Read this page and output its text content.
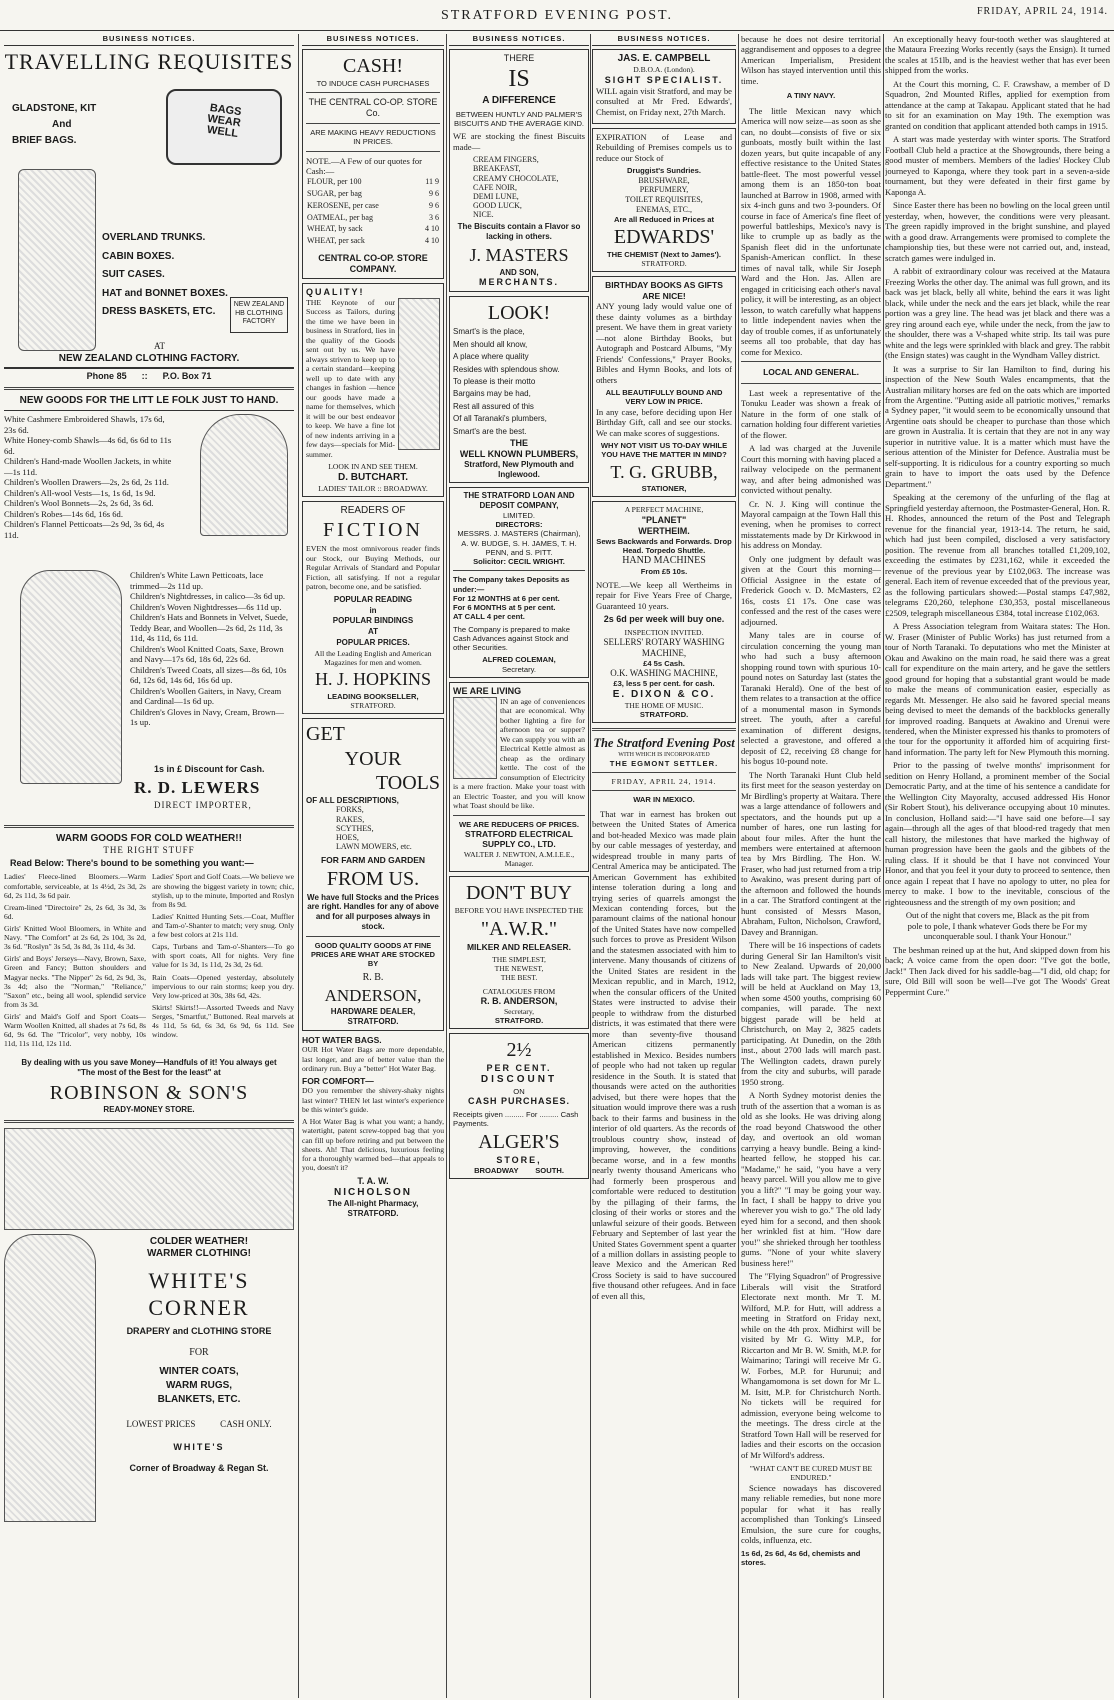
STRATFORD EVENING POST.	FRIDAY, APRIL 24, 1914.
BUSINESS NOTICES.
TRAVELLING REQUISITES
GLADSTONE, KIT
And
BRIEF BAGS.
BAGS WEAR WELL
OVERLAND TRUNKS.
CABIN BOXES.
SUIT CASES.
HAT and BONNET BOXES.
DRESS BASKETS, ETC.
NEW ZEALAND HB CLOTHING FACTORY
AT
NEW ZEALAND CLOTHING FACTORY.
Phone 85      ::      P.O. Box 71
NEW GOODS FOR THE LITT LE FOLK JUST TO HAND.
White Cashmere Embroidered Shawls, 17s 6d, 23s 6d.
White Honey-comb Shawls—4s 6d, 6s 6d to 11s 6d.
Children's Hand-made Woollen Jackets, in white—1s 11d.
Children's Woollen Drawers—2s, 2s 6d, 2s 11d.
Children's All-wool Vests—1s, 1s 6d, 1s 9d.
Children's Wool Bonnets—2s, 2s 6d, 3s 6d.
Children's Robes—14s 6d, 16s 6d.
Children's Flannel Petticoats—2s 9d, 3s 6d, 4s 11d.
Children's White Lawn Petticoats, lace trimmed—2s 11d up.
Children's Nightdresses, in calico—3s 6d up.
Children's Woven Nightdresses—6s 11d up.
Children's Hats and Bonnets in Velvet, Suede, Teddy Bear, and Woollen—2s 6d, 2s 11d, 3s 11d, 4s 11d, 6s 11d.
Children's Wool Knitted Coats, Saxe, Brown and Navy—17s 6d, 18s 6d, 22s 6d.
Children's Tweed Coats, all sizes—8s 6d, 10s 6d, 12s 6d, 14s 6d, 16s 6d up.
Children's Woollen Gaiters, in Navy, Cream and Cardinal—1s 6d up.
Children's Gloves in Navy, Cream, Brown—1s up.
1s in £ Discount for Cash.
R. D. LEWERS
DIRECT IMPORTER,
WARM GOODS FOR COLD WEATHER!!
THE RIGHT STUFF
Read Below: There's bound to be something you want:—
Ladies' Fleece-lined Bloomers.—Warm comfortable, serviceable, at 1s 4½d, 2s 3d, 2s 6d, 2s 11d, 3s 6d pair.
Cream-lined "Directoire" 2s, 2s 6d, 3s 3d, 3s 6d.
Girls' Knitted Wool Bloomers, in White and Navy. "The Comfort" at 2s 6d, 2s 10d, 3s 2d, 3s 6d. "Roslyn" 3s 5d, 3s 8d, 3s 11d, 4s 3d.
Girls' and Boys' Jerseys—Navy, Brown, Saxe, Green and Fancy; Button shoulders and Magyar necks. "The Nipper" 2s 6d, 2s 9d, 3s, 3s 4d; also the "Norman," "Reliance," "Saxon" etc., being all wool, splendid service from 3s 3d.
Girls' and Maid's Golf and Sport Coats—Warm Woollen Knitted, all shades at 7s 6d, 8s 6d, 9s 6d. The "Tricolor", very nobby, 10s 11d, 11s 11d, 12s 11d.
Ladies' Sport and Golf Coats.—We believe we are showing the biggest variety in town; chic, stylish, up to the minute, Imported and Roslyn from 8s 9d.
Ladies' Knitted Hunting Sets.—Coat, Muffler and Tam-o'-Shanter to match; very snug. Only a few best colors at 21s 11d.
Caps, Turbans and Tam-o'-Shanters—To go with sport coats, All for nights. Very fine value for 1s 3d, 1s 11d, 2s 3d, 2s 6d.
Rain Coats—Opened yesterday, absolutely impervious to our rain storms; keep you dry. Very low-priced at 30s, 38s 6d, 42s.
Skirts! Skirts!!—Assorted Tweeds and Navy Serges, "Smartfut," Buttoned. Real marvels at 4s 11d, 5s 6d, 6s 3d, 6s 9d, 6s 11d. See window.
By dealing with us you save Money—Handfuls of it! You always get "The most of the Best for the least" at
ROBINSON & SON'S
READY-MONEY STORE.
COLDER WEATHER!
WARMER CLOTHING!
WHITE'S
CORNER
DRAPERY and CLOTHING STORE
FOR
WINTER COATS,
WARM RUGS,
BLANKETS, ETC.
LOWEST PRICES           CASH ONLY.
WHITE'S
Corner of Broadway & Regan St.
BUSINESS NOTICES.
CASH!
TO INDUCE CASH PURCHASES
THE CENTRAL CO-OP. STORE Co.
ARE MAKING HEAVY REDUCTIONS IN PRICES.
NOTE.—A Few of our quotes for Cash:—
FLOUR, per 100	11 9
SUGAR, per bag	9 6
KEROSENE, per case	9 6
OATMEAL, per bag	3 6
WHEAT, by sack	4 10
WHEAT, per sack	4 10
CENTRAL CO-OP. STORE COMPANY.
QUALITY!
THE Keynote of our Success as Tailors, during the time we have been in business in Stratford, lies in the quality of the Goods sent out by us. We have always striven to keep up to a certain standard—keeping well up to date with any changes in fashion —hence our goods have made a name for themselves, which it will be our best endeavor to keep. We have a fine lot of new indents arriving in a few days—specials for Mid-summer.
LOOK IN AND SEE THEM.
D. BUTCHART.
LADIES' TAILOR :: BROADWAY.
READERS OF
FICTION
EVEN the most omnivorous reader finds our Stock, our Buying Methods, our Regular Arrivals of Standard and Popular Fiction, all satisfying. If not a regular patron, become one, and be satisfied.
POPULAR READING
in
POPULAR BINDINGS
AT
POPULAR PRICES.
All the Leading English and American Magazines for men and women.
H. J. HOPKINS
LEADING BOOKSELLER,
STRATFORD.
GET
YOUR
TOOLS
OF ALL DESCRIPTIONS,
FORKS,
RAKES,
SCYTHES,
HOES,
LAWN MOWERS, etc.
FOR FARM AND GARDEN
FROM US.
We have full Stocks and the Prices are right. Handles for any of above and for all purposes always in stock.
GOOD QUALITY GOODS AT FINE PRICES ARE WHAT ARE STOCKED BY
R. B.
ANDERSON,
HARDWARE DEALER,
STRATFORD.
HOT WATER BAGS.
OUR Hot Water Bags are more dependable, last longer, and are of better value than the ordinary run. Buy a "better" Hot Water Bag.
FOR COMFORT—
DO you remember the shivery-shaky nights last winter? THEN let last winter's experience be this winter's guide.
A Hot Water Bag is what you want; a handy, watertight, patent screw-topped bag that you can fill up before retiring and put between the sheets. Ah! That delicious, luxurious feeling for a thoroughly warmed bed—that appeals to you, doesn't it?
T. A. W.
NICHOLSON
The All-night Pharmacy,
STRATFORD.
BUSINESS NOTICES.
THERE
IS
A DIFFERENCE
BETWEEN HUNTLY AND PALMER'S BISCUITS AND THE AVERAGE KIND.
WE are stocking the finest Biscuits made—
CREAM FINGERS,
BREAKFAST,
CREAMY CHOCOLATE,
CAFE NOIR,
DEMI LUNE,
GOOD LUCK,
NICE.
The Biscuits contain a Flavor so lacking in others.
J. MASTERS
AND SON,
MERCHANTS.
LOOK!
Smart's is the place,
Men should all know,
A place where quality
Resides with splendous show.
To please is their motto
Bargains may be had,
Rest all assured of this
Of all Taranaki's plumbers,
Smart's are the best.
THE
WELL KNOWN PLUMBERS,
Stratford, New Plymouth and Inglewood.
THE STRATFORD LOAN AND DEPOSIT COMPANY,
LIMITED.
DIRECTORS:
MESSRS. J. MASTERS (Chairman), A. W. BUDGE, S. H. JAMES, T. H. PENN, and S. PITT.
Solicitor: CECIL WRIGHT.
The Company takes Deposits as under:—
For 12 MONTHS at 6 per cent.
For 6 MONTHS at 5 per cent.
AT CALL 4 per cent.
The Company is prepared to make Cash Advances against Stock and other Securities.
ALFRED COLEMAN,
Secretary.
WE ARE LIVING
IN an age of conveniences that are economical. Why bother lighting a fire for afternoon tea or supper? We can supply you with an Electrical Kettle almost as cheap as the ordinary kettle. The cost of the consumption of Electricity is a mere fraction. Make your toast with an Electric Toaster, and you will know what Toast should be like.
WE ARE REDUCERS OF PRICES.
STRATFORD ELECTRICAL SUPPLY CO., LTD.
WALTER J. NEWTON, A.M.I.E.E., Manager.
DON'T BUY
BEFORE YOU HAVE INSPECTED THE
"A.W.R."
MILKER AND RELEASER.
THE SIMPLEST,
THE NEWEST,
THE BEST.
CATALOGUES FROM
R. B. ANDERSON,
Secretary,
STRATFORD.
2½
PER CENT.
DISCOUNT
ON
CASH PURCHASES.
Receipts given ......... For ......... Cash Payments.
ALGER'S
STORE,
BROADWAY        SOUTH.
BUSINESS NOTICES.
JAS. E. CAMPBELL
D.B.O.A. (London).
SIGHT SPECIALIST.
WILL again visit Stratford, and may be consulted at Mr Fred. Edwards', Chemist, on Friday next, 27th March.
EXPIRATION of Lease and Rebuilding of Premises compels us to reduce our Stock of
Druggist's Sundries.
BRUSHWARE,
PERFUMERY,
TOILET REQUISITES,
ENEMAS, ETC.,
Are all Reduced in Prices at
EDWARDS'
THE CHEMIST (Next to James').
STRATFORD.
BIRTHDAY BOOKS AS GIFTS ARE NICE!
ANY young lady would value one of these dainty volumes as a birthday present. We have them in great variety—not alone Birthday Books, but Autograph and Postcard Albums, "My Friends' Confessions," Prayer Books, Bibles and Hymn Books, and lots of others
ALL BEAUTIFULLY BOUND AND VERY LOW IN PRICE.
In any case, before deciding upon Her Birthday Gift, call and see our stocks. We can make scores of suggestions.
WHY NOT VISIT US TO-DAY WHILE YOU HAVE THE MATTER IN MIND?
T. G. GRUBB,
STATIONER,
A PERFECT MACHINE,
"PLANET"
WERTHEIM.
Sews Backwards and Forwards. Drop Head. Torpedo Shuttle.
HAND MACHINES
From £5 10s.
NOTE.—We keep all Wertheims in repair for Five Years Free of Charge, Guaranteed 10 years.
2s 6d per week will buy one.
INSPECTION INVITED.
SELLERS' ROTARY WASHING MACHINE,
£4 5s Cash.
O.K. WASHING MACHINE,
£3, less 5 per cent. for cash.
E. DIXON & CO.
THE HOME OF MUSIC.
STRATFORD.
The Stratford Evening Post
WITH WHICH IS INCORPORATED
THE EGMONT SETTLER.
FRIDAY, APRIL 24, 1914.
WAR IN MEXICO.
That war in earnest has broken out between the United States of America and bot-headed Mexico was made plain by our cable messages of yesterday, and widespread trouble in many parts of Central America may be anticipated. The American Government has exhibited intense toleration during a long and trying series of quarrels amongst the Mexican contending forces, but the paramount claims of the national honour of the United States have now compelled such forces to prove as President Wilson and the statesmen associated with him to intervene. Many thousands of citizens of the United States are resident in the Mexican republic, and in March, 1912, when the consular officers of the United States were instructed to advise their people to withdraw from the disturbed districts, it was estimated that there were more than seventy-five thousand American citizens permanently established in Mexico. Besides numbers of people who had not taken up regular residence in the South. It is stated that thousands were acted on the authorities advised, but there were hopes that the situation would improve there was a rush back to their farms and business in the interior of old quarters. As the records of troublous country show, instead of improving, however, the conditions became worse, and in a few months nearly twenty thousand Americans who had formerly been prosperous and comfortable were reduced to destitution by the pillaging of their farms, the closing of their works or stores and the unlawful seizure of their goods. Between February and September of last year the United States Government spent a quarter of a million dollars in assisting people to leave Mexico and the American Red Cross Society is said to have succoured five thousand other refugees. And in face of even all this,
because he does not desire territorial aggrandisement and opposes to a degree American Imperialism, President Wilson has stayed intervention until this time.
A TINY NAVY.
The little Mexican navy which America will now seize—as soon as she can, no doubt—consists of five or six gunboats, mostly built within the last dozen years, but quite incapable of any effective resistance to the United States battle-fleet. The most powerful vessel among them is an 1850-ton boat launched at Barrow in 1908, armed with six 4-inch guns and two 3-pounders. Of course in face of America's fine fleet of powerful battleships, Mexico's navy is like to crumple up as badly as the Spanish fleet did in the unfortunate Spanish-American conflict. In these times of naval talk, while Sir Joseph Ward and the Hon. Jas. Allen are engaged in criticising each other's naval policy, it will be interesting, as an object lesson, to watch carefully what happens to little independent navies when the day of trouble comes, if as unfortunately seems all too probable, that day has come for Mexico.
LOCAL AND GENERAL.
Last week a representative of the Tonuku Leader was shown a freak of Nature in the form of one stalk of carnation holding four different varieties of the flower.
A lad was charged at the Juvenile Court this morning with having placed a railway velocipede on the permanent way, and after being admonished was convicted without penalty.
Cr. N. J. King will continue the Mayoral campaign at the Town Hall this evening, when he promises to correct misstatements made by Dr Kirkwood in his address on Monday.
Only one judgment by default was given at the Court this morning—Official Assignee in the estate of Frederick Gooch v. D. McMasters, £2 16s, costs £1 17s. One case was confessed and the rest of the cases were adjourned.
Many tales are in course of circulation concerning the young man who had such a busy afternoon shopping round town with spurious 10-pound notes on Saturday last (states the Taranaki Herald). One of the best of them relates to a transaction at the office of a monumental mason in Symonds street. The youth, after a careful examination of different designs, selected a gravestone, and offered a deposit of £2, receiving £8 change for his bogus 10-pound note.
The North Taranaki Hunt Club held its first meet for the season yesterday on Mr Birdling's property at Waitara. There was a large attendance of followers and spectators, and the hounds put up a number of hares, one run lasting for about four miles. After the hunt the members were entertained at afternoon tea by Mrs Birdling. The Hon. W. Fraser, who had just returned from a trip to Awakino, was present during part of the afternoon and followed the hounds in a car. The Stratford contingent at the hunt consisted of Messrs Mason, Abraham, Fulton, Nicholson, Crawford, Davey and Brannigan.
There will be 16 inspections of cadets during General Sir Ian Hamilton's visit to New Zealand. Upwards of 20,000 lads will take part. The biggest review will be held at Auckland on May 13, when some 4500 youths, comprising 60 companies, will parade. The next biggest parade will be held at Christchurch, on May 2, 3825 cadets participating. At Dunedin, on the 28th inst., about 2700 lads will march past. The Wellington cadets, drawn purely from the city and suburbs, will parade 1950 strong.
A North Sydney motorist denies the truth of the assertion that a woman is as old as she looks. He was driving along the road beyond Chatswood the other day, and overtook an old woman carrying a heavy bundle. Being a kind-hearted fellow, he stopped his car. "Madame," he said, "you have a very heavy parcel. Will you allow me to give you a lift?" "I may be going your way. In fact, I shall be happy to drive you wherever you wish to go." The old lady eyed him for a second, and then shook her wrinkled fist at him. "How dare you!" she shrieked through her toothless gums. "None of your white slavery business here!"
The "Flying Squadron" of Progressive Liberals will visit the Stratford Electorate next month. Mr T. M. Wilford, M.P. for Hutt, will address a meeting in Stratford on Friday next, while on the 4th prox. Midhirst will be visited by Mr G. Witty M.P., for Riccarton and Mr B. W. Smith, M.P. for Waimarino; Taringi will receive Mr G. W. Forbes, M.P. for Hurunui; and Whangamomona is set down for Mr L. M. Isitt, M.P. for Christchurch North. No tickets will be required for admission, everyone being welcome to the meetings. The dress circle at the Stratford Town Hall will be reserved for ladies and their escorts on the occasion of Mr Wilford's address.
"WHAT CAN'T BE CURED MUST BE ENDURED."
Science nowadays has discovered many reliable remedies, but none more popular for what it has really accomplished than Tonking's Linseed Emulsion, the sure cure for coughs, colds, influenza, etc.
1s 6d, 2s 6d, 4s 6d, chemists and stores.
An exceptionally heavy four-tooth wether was slaughtered at the Mataura Freezing Works recently (says the Ensign). It turned the scales at 151lb, and is the heaviest wether that has ever been shipped from the works.
At the Court this morning, C. F. Crawshaw, a member of D Squadron, 2nd Mounted Rifles, applied for exemption from attendance at the camp at Takapau. Applicant stated that he had to sit for an examination on May 19th. The exemption was granted on condition that applicant attended both camps in 1915.
A start was made yesterday with winter sports. The Stratford Football Club held a practice at the Showgrounds, there being a good muster of members. Members of the ladies' Hockey Club journeyed to Kaponga, where they took part in a seven-a-side tournament, but they were defeated in their first game by Kaponga A.
Since Easter there has been no bowling on the local green until yesterday, when, however, the conditions were very pleasant. The green rapidly improved in the bright sunshine, and played with a good draw. Arrangements were promised to complete the championship ties, but these were not carried out, and, instead, scratch games were indulged in.
A rabbit of extraordinary colour was received at the Mataura Freezing Works the other day. The animal was full grown, and its back was jet black, belly all white, behind the ears it was light black, while under the neck and the ears jet black, while the rear portion was a grey line. The head was jet black and there was a grey ring around each eye, while under the neck, from the jaw to the shoulder, there was a V-shaped white strip. Its tail was pure white and the legs were sprinkled with black and grey. The rabbit (the Ensign states) was caught in the Wyndham Valley district.
It was a surprise to Sir Ian Hamilton to find, during his inspection of the New South Wales encampments, that the Australian military horses are fed on the oats which are imported from the Argentine. "Putting aside all patriotic motives," remarks a Sydney paper, "it would seem to be economically unsound that Argentine oats should be cheaper to purchase than those which are grown in Australia. It is certain that they are not in any way superior in nutritive value. It is a matter which must have the serious attention of the Minister for Defence. Australia must be self-supporting. It is ridiculous for a country exporting so much grain to have to import the oats used by the Defence Department."
Speaking at the ceremony of the unfurling of the flag at Springfield yesterday afternoon, the Postmaster-General, Hon. R. H. Rhodes, announced the return of the Post and Telegraph revenue for the financial year, 1913-14. The return, he said, which had just been compiled, disclosed a very satisfactory position. The revenue from all branches totalled £1,209,102, exceeding the estimates by £231,162, while it exceeded the revenue of the previous year by £102,063. The increase was general. Each item of revenue exceeded that of the previous year, as the following particulars showed:—Postal stamps £47,982, telegrams £20,260, telephone £30,353, postal miscellaneous £2509, telegraph miscellaneous £384, total increase £102,063.
A Press Association telegram from Waitara states: The Hon. W. Fraser (Minister of Public Works) has just returned from a tour of North Taranaki. To deputations who met the Minister at Okau and Awakino on the main road, he said there was a great call for expenditure on the main artery, and he gave the settlers good ground for hoping that a substantial grant would be made to make the means of communication easier, especially as regards Mt. Messenger. He also said he favored special means being devised to meet the demands of the backblocks generally for improved roading. Banquets at Awakino and Urenui were tendered, when the Minister expressed his thanks to promoters of the tour for the opportunity it afforded him of acquiring first-hand information. The party left for New Plymouth this morning.
Prior to the passing of twelve months' imprisonment for sedition on Henry Holland, a prominent member of the Social Democratic Party, and at the time of his sentence a candidate for the Wellington City Mayoralty, accused addressed His Honor (Sir Robert Stout), his deliverance occupying about 10 minutes. In conclusion, Holland said:—"I have said one before—I say again—through all the ages of that blood-red tragedy that men call history, the milestones that have marked the highway of human progression have been the gaols and the gibbets of the ruling class. If it should be that I have not convinced Your Honor, and that you feel it your duty to proceed to sentence, then once again I repeat that I have no apology to utter, no plea for mercy to make. I bow to the inevitable, conscious of the righteousness and the strength of my own position; and
Out of the night that covers me, Black as the pit from pole to pole, I thank whatever Gods there be For my unconquerable soul. I thank Your Honour."
The beshman reined up at the hut, And skipped down from his back; A voice came from the open door: "I've got the botle, Jack!" Then Jack dived for his saddle-bag—"I did, old chap; for sure, Old Bill will soon be well—I've got The Woods' Great Peppermint Cure."
